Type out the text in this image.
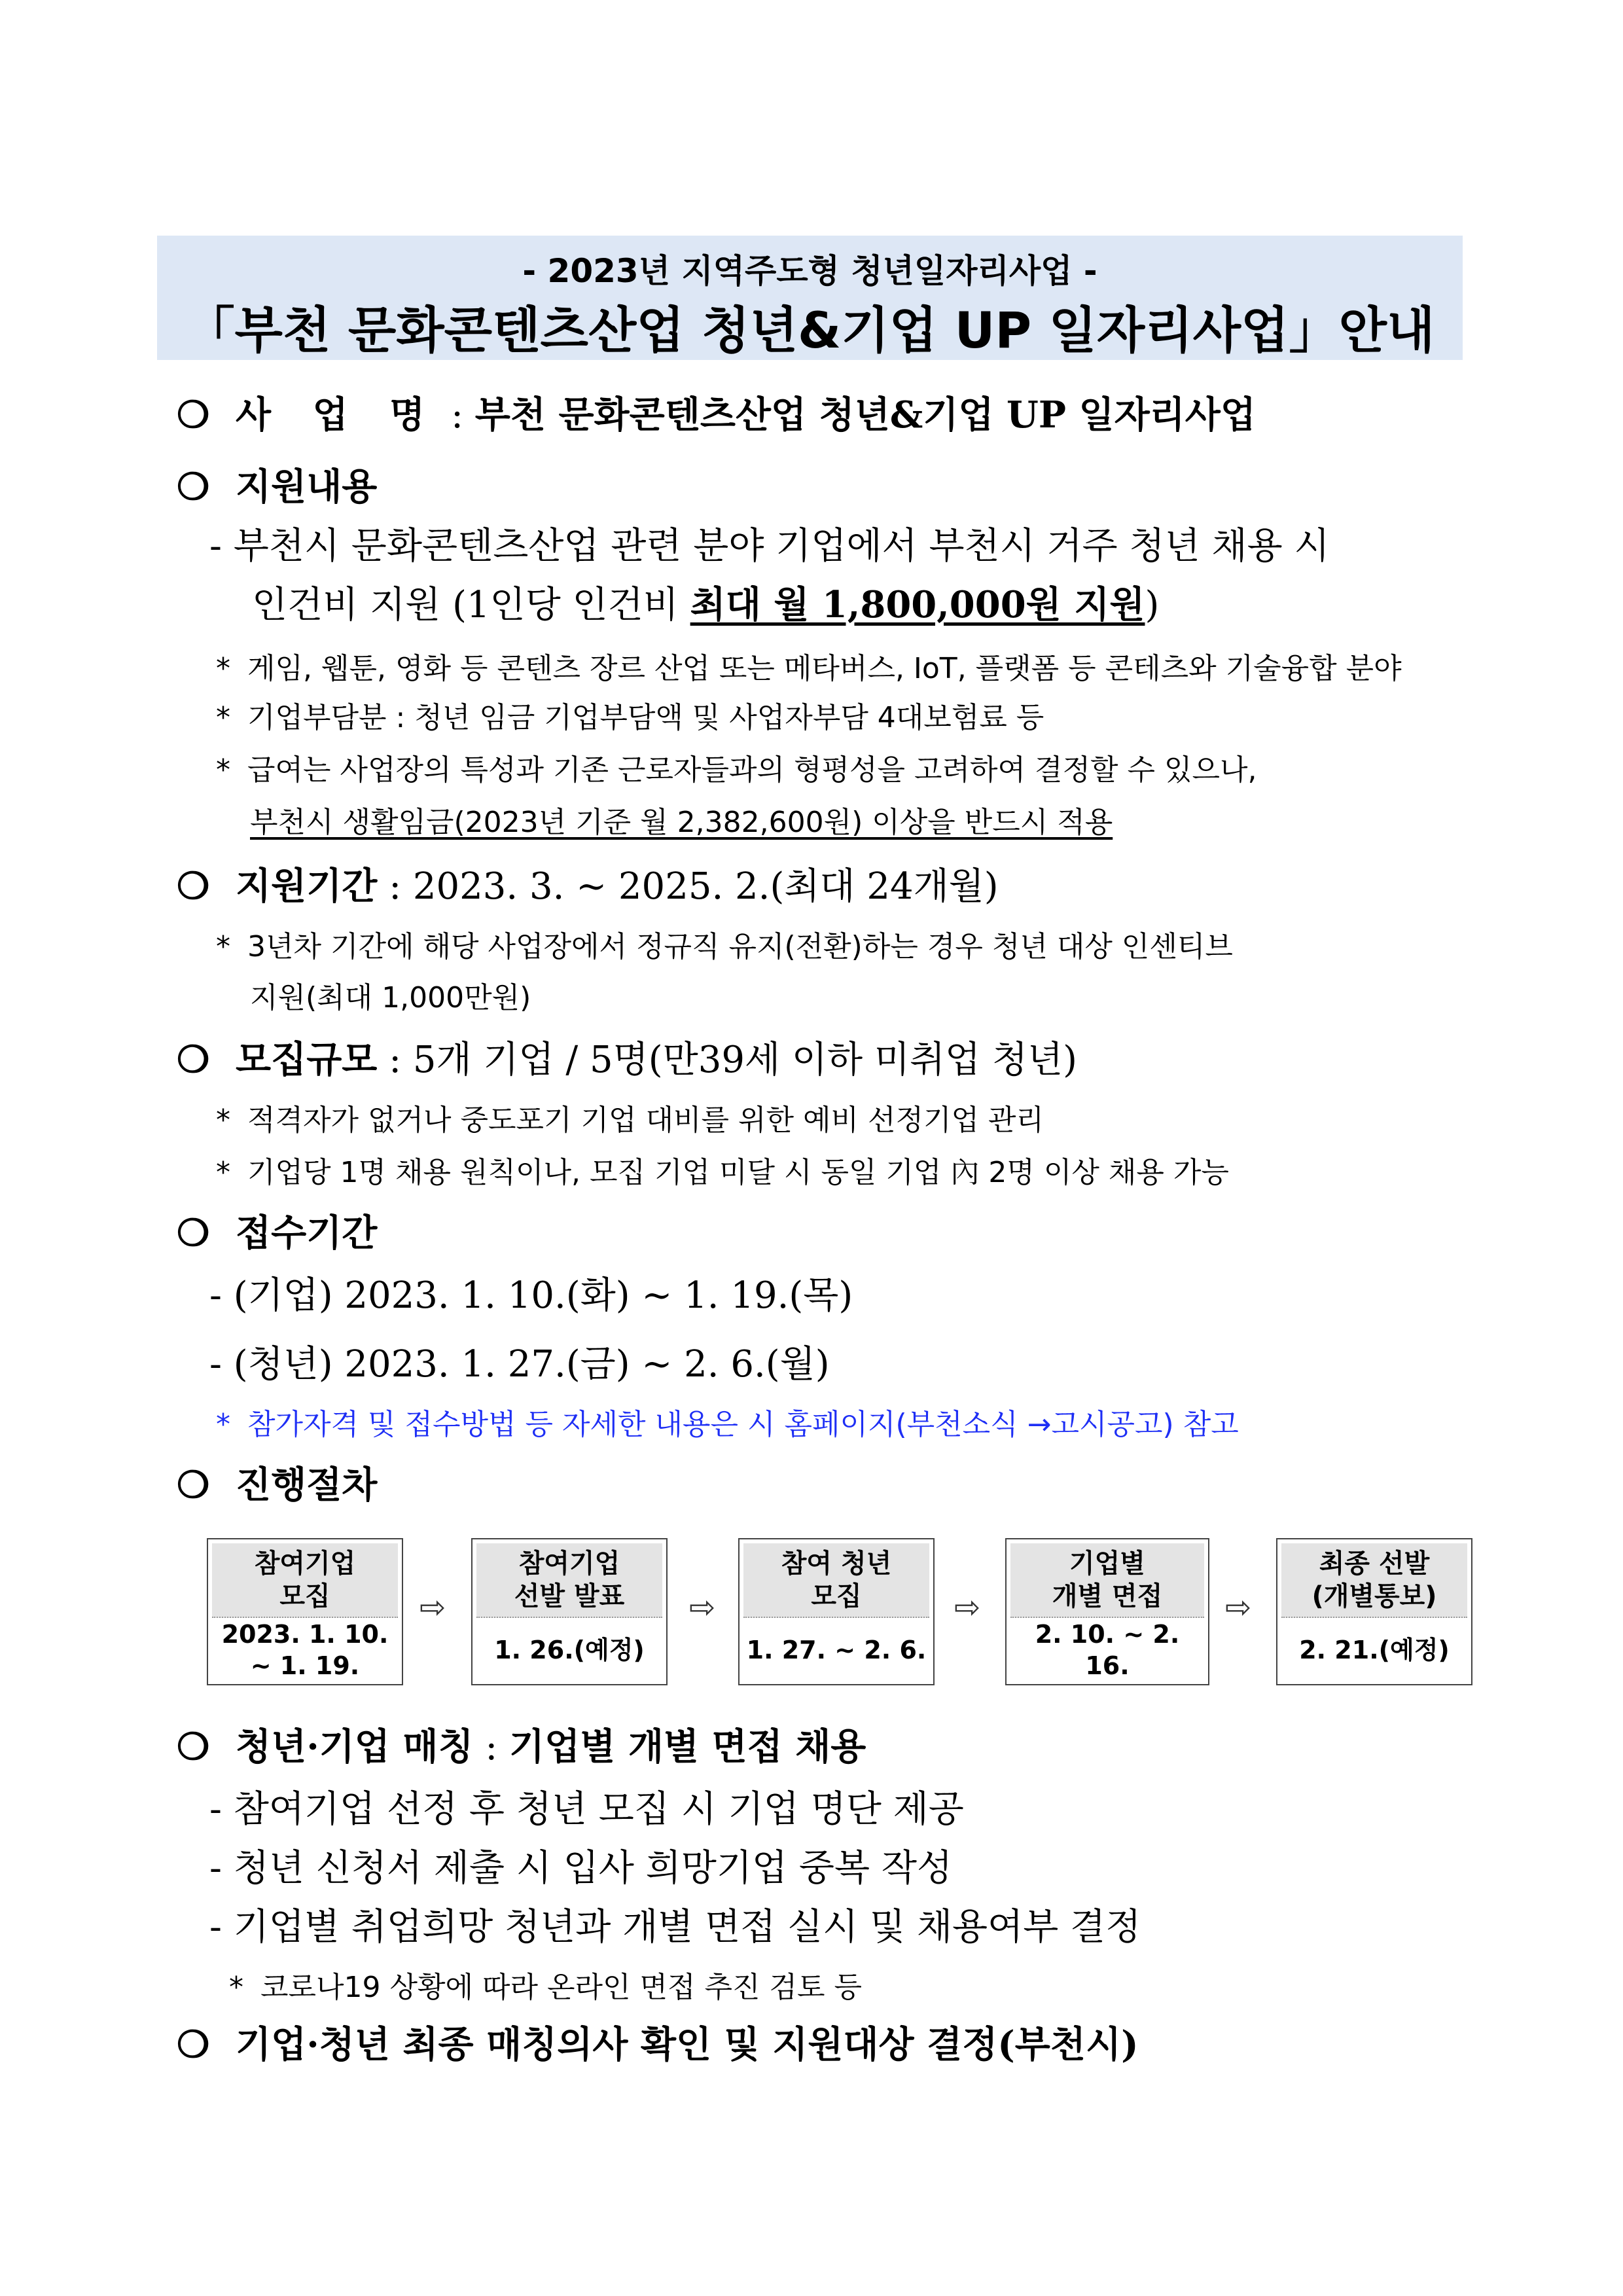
- 2023년 지역주도형 청년일자리사업 -
「부천 문화콘텐츠산업 청년&기업 UP 일자리사업」안내
❍ 사 업 명 : 부천 문화콘텐츠산업 청년&기업 UP 일자리사업
❍ 지원내용
- 부천시 문화콘텐츠산업 관련 분야 기업에서 부천시 거주 청년 채용 시
인건비 지원 (1인당 인건비 최대 월 1,800,000원 지원)
* 게임, 웹툰, 영화 등 콘텐츠 장르 산업 또는 메타버스, IoT, 플랫폼 등 콘테츠와 기술융합 분야
* 기업부담분 : 청년 임금 기업부담액 및 사업자부담 4대보험료 등
* 급여는 사업장의 특성과 기존 근로자들과의 형평성을 고려하여 결정할 수 있으나,
부천시 생활임금(2023년 기준 월 2,382,600원) 이상을 반드시 적용
❍ 지원기간 : 2023. 3. ~ 2025. 2.(최대 24개월)
* 3년차 기간에 해당 사업장에서 정규직 유지(전환)하는 경우 청년 대상 인센티브
지원(최대 1,000만원)
❍ 모집규모 : 5개 기업 / 5명(만39세 이하 미취업 청년)
* 적격자가 없거나 중도포기 기업 대비를 위한 예비 선정기업 관리
* 기업당 1명 채용 원칙이나, 모집 기업 미달 시 동일 기업 內 2명 이상 채용 가능
❍ 접수기간
- (기업) 2023. 1. 10.(화) ~ 1. 19.(목)
- (청년) 2023. 1. 27.(금) ~ 2. 6.(월)
* 참가자격 및 접수방법 등 자세한 내용은 시 홈페이지(부천소식 →고시공고) 참고
❍ 진행절차
참여기업
모집
2023. 1. 10.
~ 1. 19.
⇨
참여기업
선발 발표
1. 26.(예정)
⇨
참여 청년
모집
1. 27. ~ 2. 6.
⇨
기업별
개별 면접
2. 10. ~ 2. 16.
⇨
최종 선발
(개별통보)
2. 21.(예정)
❍ 청년·기업 매칭 : 기업별 개별 면접 채용
- 참여기업 선정 후 청년 모집 시 기업 명단 제공
- 청년 신청서 제출 시 입사 희망기업 중복 작성
- 기업별 취업희망 청년과 개별 면접 실시 및 채용여부 결정
* 코로나19 상황에 따라 온라인 면접 추진 검토 등
❍ 기업·청년 최종 매칭의사 확인 및 지원대상 결정(부천시)
